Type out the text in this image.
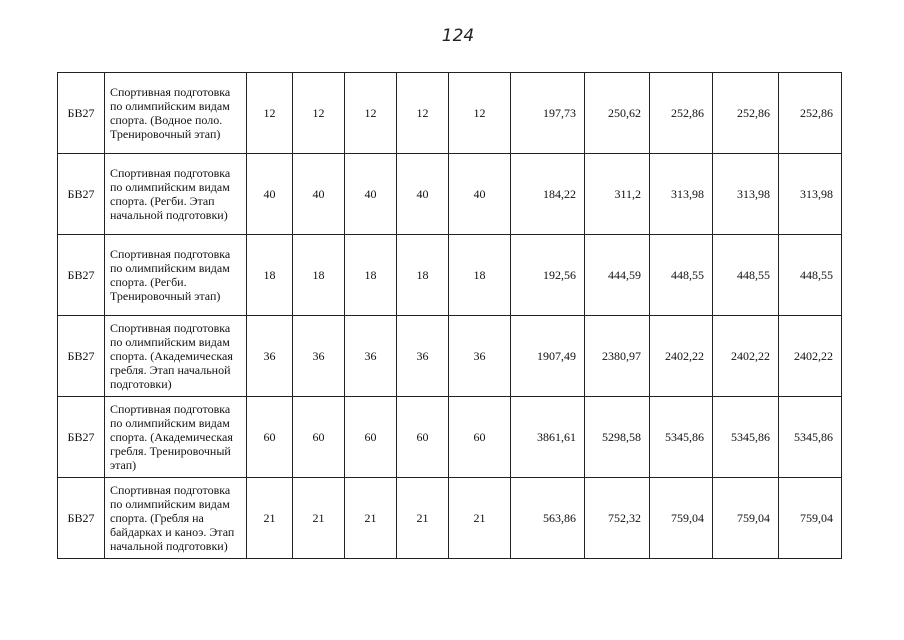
124
БВ27	Спортивная подготовка по олимпийским видам спорта. (Водное поло. Тренировочный этап)	12	12	12	12	12	197,73	250,62	252,86	252,86	252,86
БВ27	Спортивная подготовка по олимпийским видам спорта. (Регби. Этап начальной подготовки)	40	40	40	40	40	184,22	311,2	313,98	313,98	313,98
БВ27	Спортивная подготовка по олимпийским видам спорта. (Регби. Тренировочный этап)	18	18	18	18	18	192,56	444,59	448,55	448,55	448,55
БВ27	Спортивная подготовка по олимпийским видам спорта. (Академическая гребля. Этап начальной подготовки)	36	36	36	36	36	1907,49	2380,97	2402,22	2402,22	2402,22
БВ27	Спортивная подготовка по олимпийским видам спорта. (Академическая гребля. Тренировочный этап)	60	60	60	60	60	3861,61	5298,58	5345,86	5345,86	5345,86
БВ27	Спортивная подготовка по олимпийским видам спорта. (Гребля на байдарках и каноэ. Этап начальной подготовки)	21	21	21	21	21	563,86	752,32	759,04	759,04	759,04
